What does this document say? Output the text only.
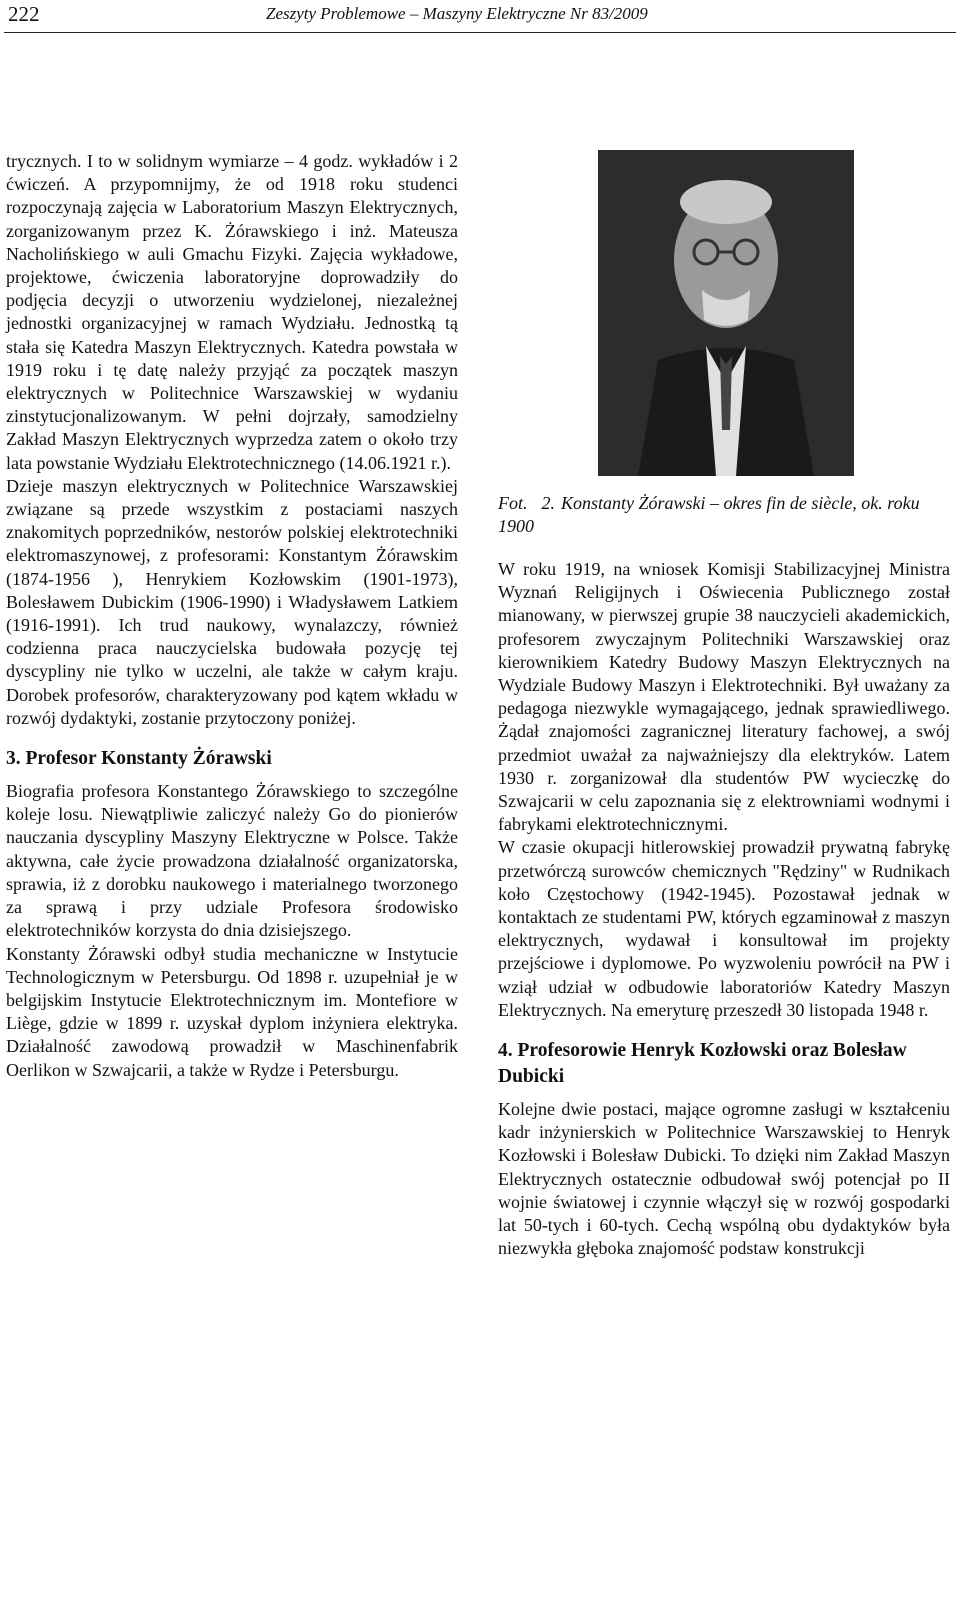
222	Zeszyty Problemowe – Maszyny Elektryczne Nr 83/2009

trycznych. I to w solidnym wymiarze – 4 godz. wykładów i 2 ćwiczeń. A przypomnijmy, że od 1918 roku studenci rozpoczynają zajęcia w Laboratorium Maszyn Elektrycznych, zorganizowanym przez K. Żórawskiego i inż. Mateusza Nacholińskiego w auli Gmachu Fizyki. Zajęcia wykładowe, projektowe, ćwiczenia laboratoryjne doprowadziły do podjęcia decyzji o utworzeniu wydzielonej, niezależnej jednostki organizacyjnej w ramach Wydziału. Jednostką tą stała się Katedra Maszyn Elektrycznych. Katedra powstała w 1919 roku i tę datę należy przyjąć za początek maszyn elektrycznych w Politechnice Warszawskiej w wydaniu zinstytucjonalizowanym. W pełni dojrzały, samodzielny Zakład Maszyn Elektrycznych wyprzedza zatem o około trzy lata powstanie Wydziału Elektrotechnicznego (14.06.1921 r.).

Dzieje maszyn elektrycznych w Politechnice Warszawskiej związane są przede wszystkim z postaciami naszych znakomitych poprzedników, nestorów polskiej elektrotechniki elektromaszynowej, z profesorami: Konstantym Żórawskim (1874-1956 ), Henrykiem Kozłowskim (1901-1973), Bolesławem Dubickim (1906-1990) i Władysławem Latkiem (1916-1991). Ich trud naukowy, wynalazczy, również codzienna praca nauczycielska budowała pozycję tej dyscypliny nie tylko w uczelni, ale także w całym kraju. Dorobek profesorów, charakteryzowany pod kątem wkładu w rozwój dydaktyki, zostanie przytoczony poniżej.

3. Profesor Konstanty Żórawski

Biografia profesora Konstantego Żórawskiego to szczególne koleje losu. Niewątpliwie zaliczyć należy Go do pionierów nauczania dyscypliny Maszyny Elektryczne w Polsce. Także aktywna, całe życie prowadzona działalność organizatorska, sprawia, iż z dorobku naukowego i materialnego tworzonego za sprawą i przy udziale Profesora środowisko elektrotechników korzysta do dnia dzisiejszego.

Konstanty Żórawski odbył studia mechaniczne w Instytucie Technologicznym w Petersburgu. Od 1898 r. uzupełniał je w belgijskim Instytucie Elektrotechnicznym im. Montefiore w Liège, gdzie w 1899 r. uzyskał dyplom inżyniera elektryka. Działalność zawodową prowadził w Maschinenfabrik Oerlikon w Szwajcarii, a także w Rydze i Petersburgu.

Fot. 2. Konstanty Żórawski – okres fin de siècle, ok. roku 1900

W roku 1919, na wniosek Komisji Stabilizacyjnej Ministra Wyznań Religijnych i Oświecenia Publicznego został mianowany, w pierwszej grupie 38 nauczycieli akademickich, profesorem zwyczajnym Politechniki Warszawskiej oraz kierownikiem Katedry Budowy Maszyn Elektrycznych na Wydziale Budowy Maszyn i Elektrotechniki. Był uważany za pedagoga niezwykle wymagającego, jednak sprawiedliwego. Żądał znajomości zagranicznej literatury fachowej, a swój przedmiot uważał za najważniejszy dla elektryków. Latem 1930 r. zorganizował dla studentów PW wycieczkę do Szwajcarii w celu zapoznania się z elektrowniami wodnymi i fabrykami elektrotechnicznymi.

W czasie okupacji hitlerowskiej prowadził prywatną fabrykę przetwórczą surowców chemicznych "Rędziny" w Rudnikach koło Częstochowy (1942-1945). Pozostawał jednak w kontaktach ze studentami PW, których egzaminował z maszyn elektrycznych, wydawał i konsultował im projekty przejściowe i dyplomowe. Po wyzwoleniu powrócił na PW i wziął udział w odbudowie laboratoriów Katedry Maszyn Elektrycznych. Na emeryturę przeszedł 30 listopada 1948 r.

4. Profesorowie Henryk Kozłowski oraz Bolesław Dubicki

Kolejne dwie postaci, mające ogromne zasługi w kształceniu kadr inżynierskich w Politechnice Warszawskiej to Henryk Kozłowski i Bolesław Dubicki. To dzięki nim Zakład Maszyn Elektrycznych ostatecznie odbudował swój potencjał po II wojnie światowej i czynnie włączył się w rozwój gospodarki lat 50-tych i 60-tych. Cechą wspólną obu dydaktyków była niezwykła głęboka znajomość podstaw konstrukcji
